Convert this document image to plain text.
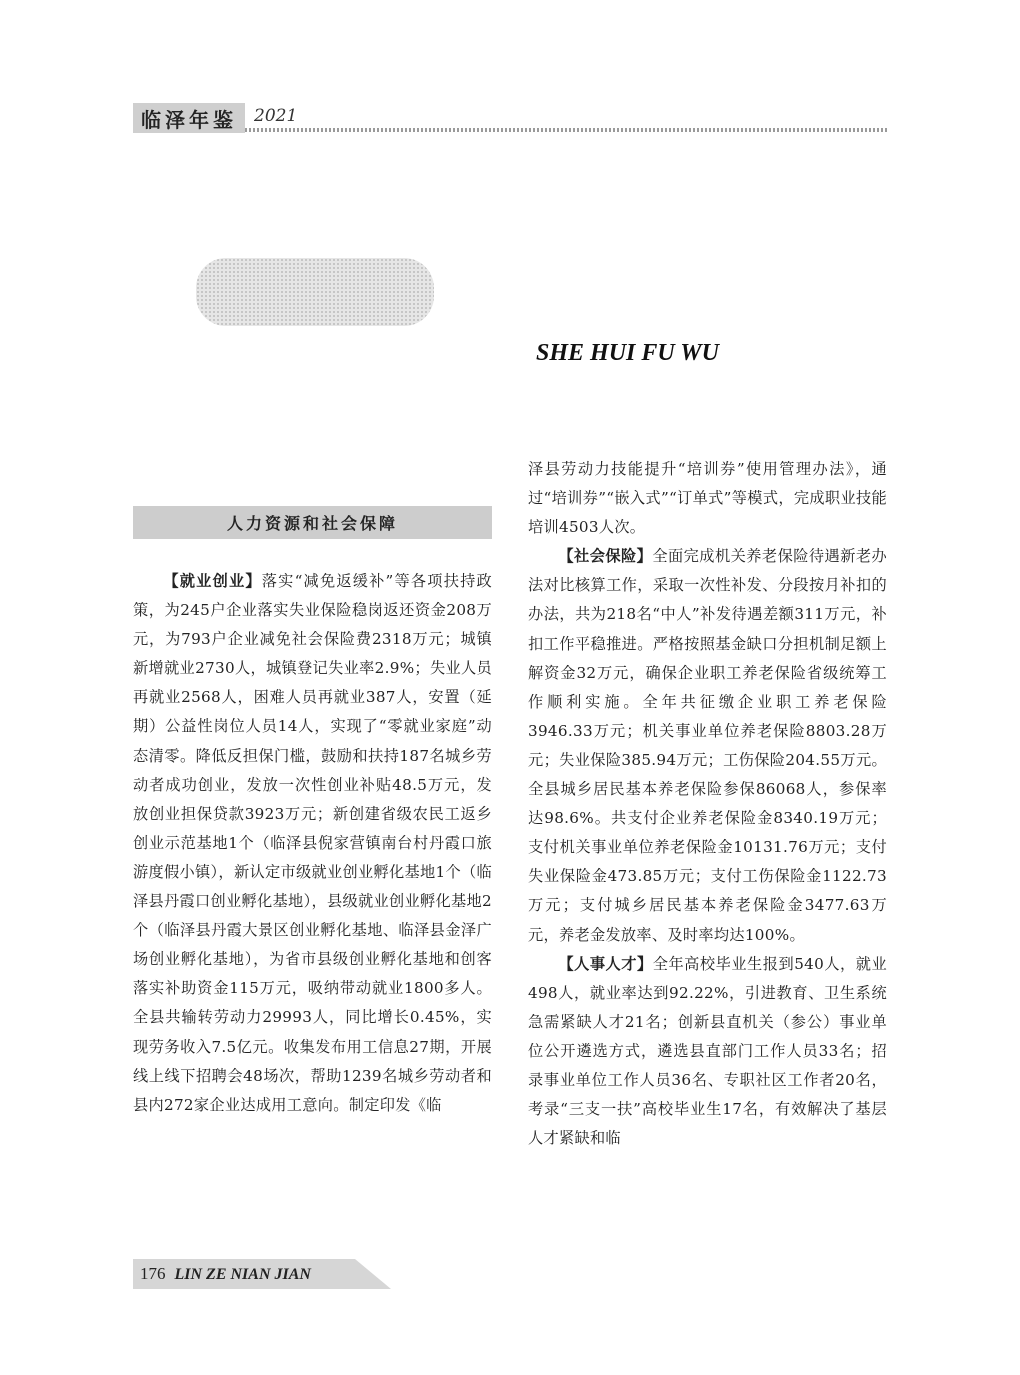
临泽年鉴 2021
SHE HUI FU WU
人力资源和社会保障

【就业创业】落实“减免返缓补”等各项扶持政策，为245户企业落实失业保险稳岗返还资金208万元，为793户企业减免社会保险费2318万元；城镇新增就业2730人，城镇登记失业率2.9%；失业人员再就业2568人，困难人员再就业387人，安置（延期）公益性岗位人员14人，实现了“零就业家庭”动态清零。降低反担保门槛，鼓励和扶持187名城乡劳动者成功创业，发放一次性创业补贴48.5万元，发放创业担保贷款3923万元；新创建省级农民工返乡创业示范基地1个（临泽县倪家营镇南台村丹霞口旅游度假小镇），新认定市级就业创业孵化基地1个（临泽县丹霞口创业孵化基地），县级就业创业孵化基地2个（临泽县丹霞大景区创业孵化基地、临泽县金泽广场创业孵化基地），为省市县级创业孵化基地和创客落实补助资金115万元，吸纳带动就业1800多人。全县共输转劳动力29993人，同比增长0.45%，实现劳务收入7.5亿元。收集发布用工信息27期，开展线上线下招聘会48场次，帮助1239名城乡劳动者和县内272家企业达成用工意向。制定印发《临

泽县劳动力技能提升“培训券”使用管理办法》，通过“培训券”“嵌入式”“订单式”等模式，完成职业技能培训4503人次。

【社会保险】全面完成机关养老保险待遇新老办法对比核算工作，采取一次性补发、分段按月补扣的办法，共为218名“中人”补发待遇差额311万元，补扣工作平稳推进。严格按照基金缺口分担机制足额上解资金32万元，确保企业职工养老保险省级统筹工作顺利实施。全年共征缴企业职工养老保险3946.33万元；机关事业单位养老保险8803.28万元；失业保险385.94万元；工伤保险204.55万元。全县城乡居民基本养老保险参保86068人，参保率达98.6%。共支付企业养老保险金8340.19万元；支付机关事业单位养老保险金10131.76万元；支付失业保险金473.85万元；支付工伤保险金1122.73万元；支付城乡居民基本养老保险金3477.63万元，养老金发放率、及时率均达100%。

【人事人才】全年高校毕业生报到540人，就业498人，就业率达到92.22%，引进教育、卫生系统急需紧缺人才21名；创新县直机关（参公）事业单位公开遴选方式，遴选县直部门工作人员33名；招录事业单位工作人员36名、专职社区工作者20名，考录“三支一扶”高校毕业生17名，有效解决了基层人才紧缺和临

176 LIN ZE NIAN JIAN
